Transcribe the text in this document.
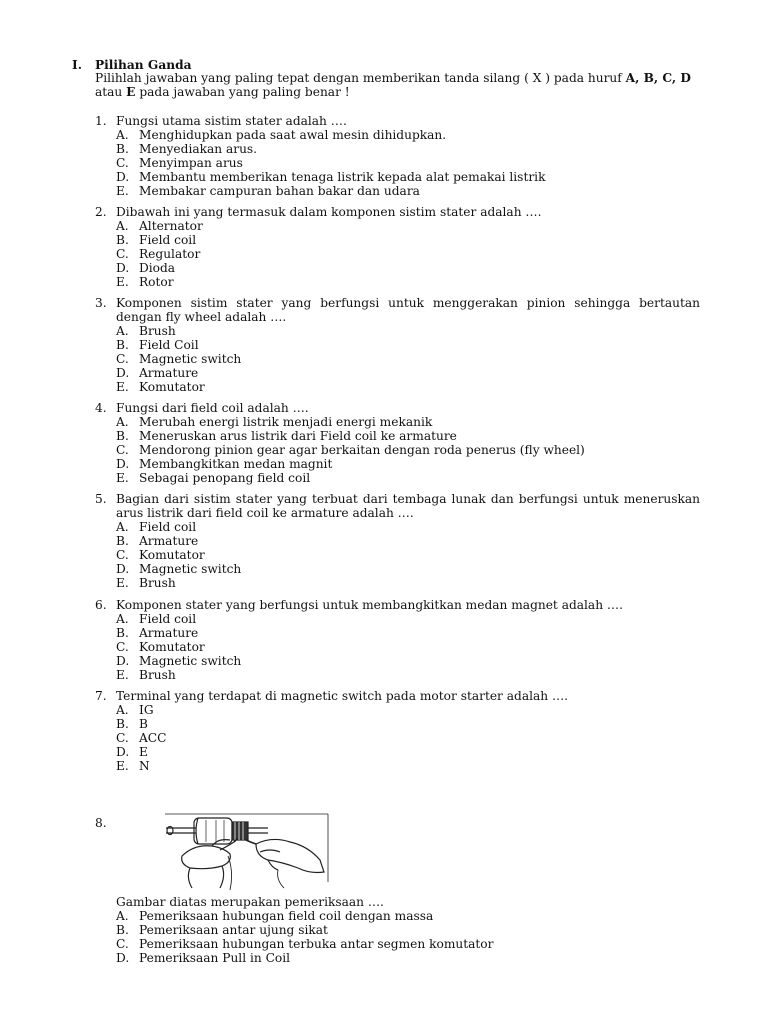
I. Pilihan Ganda
Pilihlah jawaban yang paling tepat dengan memberikan tanda silang ( X ) pada huruf A, B, C, D atau E pada jawaban yang paling benar !
1. Fungsi utama sistim stater adalah ….
A. Menghidupkan pada saat awal mesin dihidupkan.
B. Menyediakan arus.
C. Menyimpan arus
D. Membantu memberikan tenaga listrik kepada alat pemakai listrik
E. Membakar campuran bahan bakar dan udara
2. Dibawah ini yang termasuk dalam komponen sistim stater adalah ….
A. Alternator
B. Field coil
C. Regulator
D. Dioda
E. Rotor
3. Komponen sistim stater yang berfungsi untuk menggerakan pinion sehingga bertautan dengan fly wheel adalah ….
A. Brush
B. Field Coil
C. Magnetic switch
D. Armature
E. Komutator
4. Fungsi dari field coil adalah ….
A. Merubah energi listrik menjadi energi mekanik
B. Meneruskan arus listrik dari Field coil ke armature
C. Mendorong pinion gear agar berkaitan dengan roda penerus (fly wheel)
D. Membangkitkan medan magnit
E. Sebagai penopang field coil
5. Bagian dari sistim stater yang terbuat dari tembaga lunak dan berfungsi untuk meneruskan arus listrik dari field coil ke armature adalah ….
A. Field coil
B. Armature
C. Komutator
D. Magnetic switch
E. Brush
6. Komponen stater yang berfungsi untuk membangkitkan medan magnet adalah ….
A. Field coil
B. Armature
C. Komutator
D. Magnetic switch
E. Brush
7. Terminal yang terdapat di magnetic switch pada motor starter adalah ….
A. IG
B. B
C. ACC
D. E
E. N
8.
Gambar diatas merupakan pemeriksaan ….
A. Pemeriksaan hubungan field coil dengan massa
B. Pemeriksaan antar ujung sikat
C. Pemeriksaan hubungan terbuka antar segmen komutator
D. Pemeriksaan Pull in Coil
